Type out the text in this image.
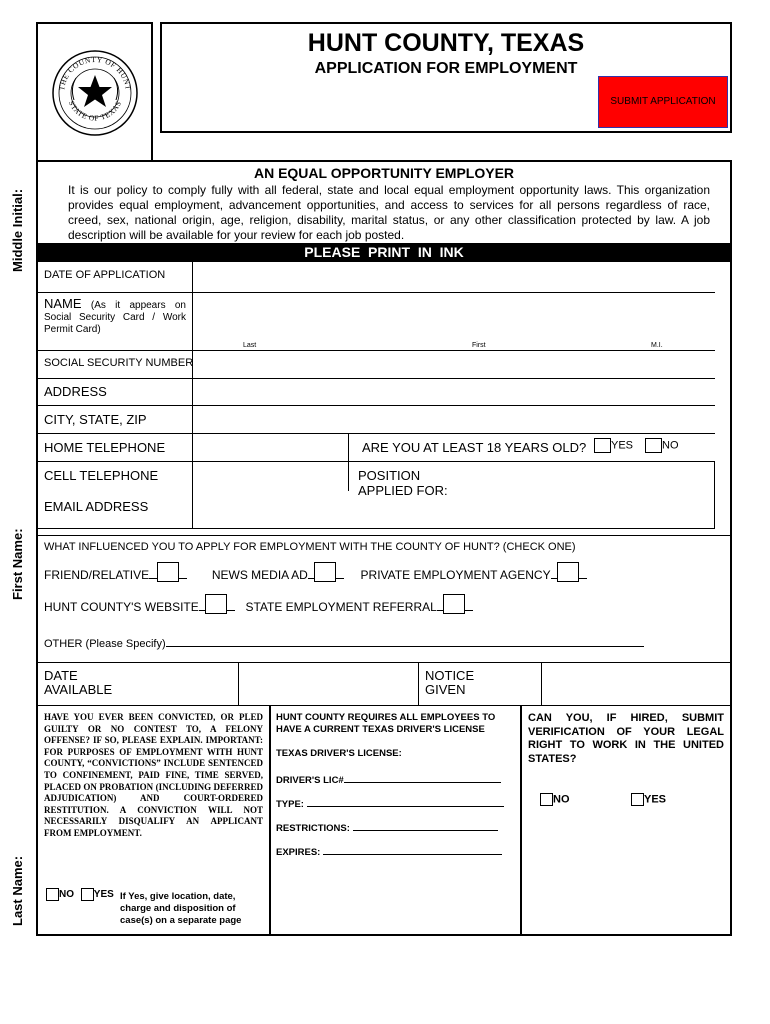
Middle Initial:
First Name:
Last Name:
THE COUNTY OF HUNT
STATE OF TEXAS
HUNT COUNTY, TEXAS
APPLICATION FOR EMPLOYMENT
SUBMIT APPLICATION
AN EQUAL OPPORTUNITY EMPLOYER
It is our policy to comply fully with all federal, state and local equal employment opportunity laws. This organization provides equal employment, advancement opportunities, and access to services for all persons regardless of race, creed, sex, national origin, age, religion, disability, marital status, or any other classification protected by law. A job description will be available for your review for each job posted.
PLEASE  PRINT  IN  INK
DATE OF APPLICATION
NAME (As it appears on Social Security Card / Work Permit Card)
Last	First	M.I.
SOCIAL SECURITY NUMBER
ADDRESS
CITY, STATE, ZIP
HOME TELEPHONE	ARE YOU AT LEAST 18 YEARS OLD?	YES	NO
CELL TELEPHONE	POSITION
APPLIED FOR:
EMAIL ADDRESS
WHAT INFLUENCED YOU TO APPLY FOR EMPLOYMENT WITH THE COUNTY OF HUNT? (CHECK ONE)
FRIEND/RELATIVE	NEWS MEDIA AD	PRIVATE EMPLOYMENT AGENCY
HUNT COUNTY'S WEBSITE	STATE EMPLOYMENT REFERRAL
OTHER (Please Specify)
DATE
AVAILABLE
NOTICE
GIVEN
HAVE YOU EVER BEEN CONVICTED, OR PLED GUILTY OR NO CONTEST TO, A FELONY OFFENSE? IF SO, PLEASE EXPLAIN. IMPORTANT: FOR PURPOSES OF EMPLOYMENT WITH HUNT COUNTY, “CONVICTIONS” INCLUDE SENTENCED TO CONFINEMENT, PAID FINE, TIME SERVED, PLACED ON PROBATION (INCLUDING DEFERRED ADJUDICATION) AND COURT-ORDERED RESTITUTION. A CONVICTION WILL NOT NECESSARILY DISQUALIFY AN APPLICANT FROM EMPLOYMENT.
NO YES If Yes, give location, date, charge and disposition of case(s) on a separate page
HUNT COUNTY REQUIRES ALL EMPLOYEES TO HAVE A CURRENT TEXAS DRIVER'S LICENSE
TEXAS DRIVER'S LICENSE:
DRIVER'S LIC#
TYPE:
RESTRICTIONS:
EXPIRES:
CAN YOU, IF HIRED, SUBMIT VERIFICATION OF YOUR LEGAL RIGHT TO WORK IN THE UNITED STATES?
NO	YES
